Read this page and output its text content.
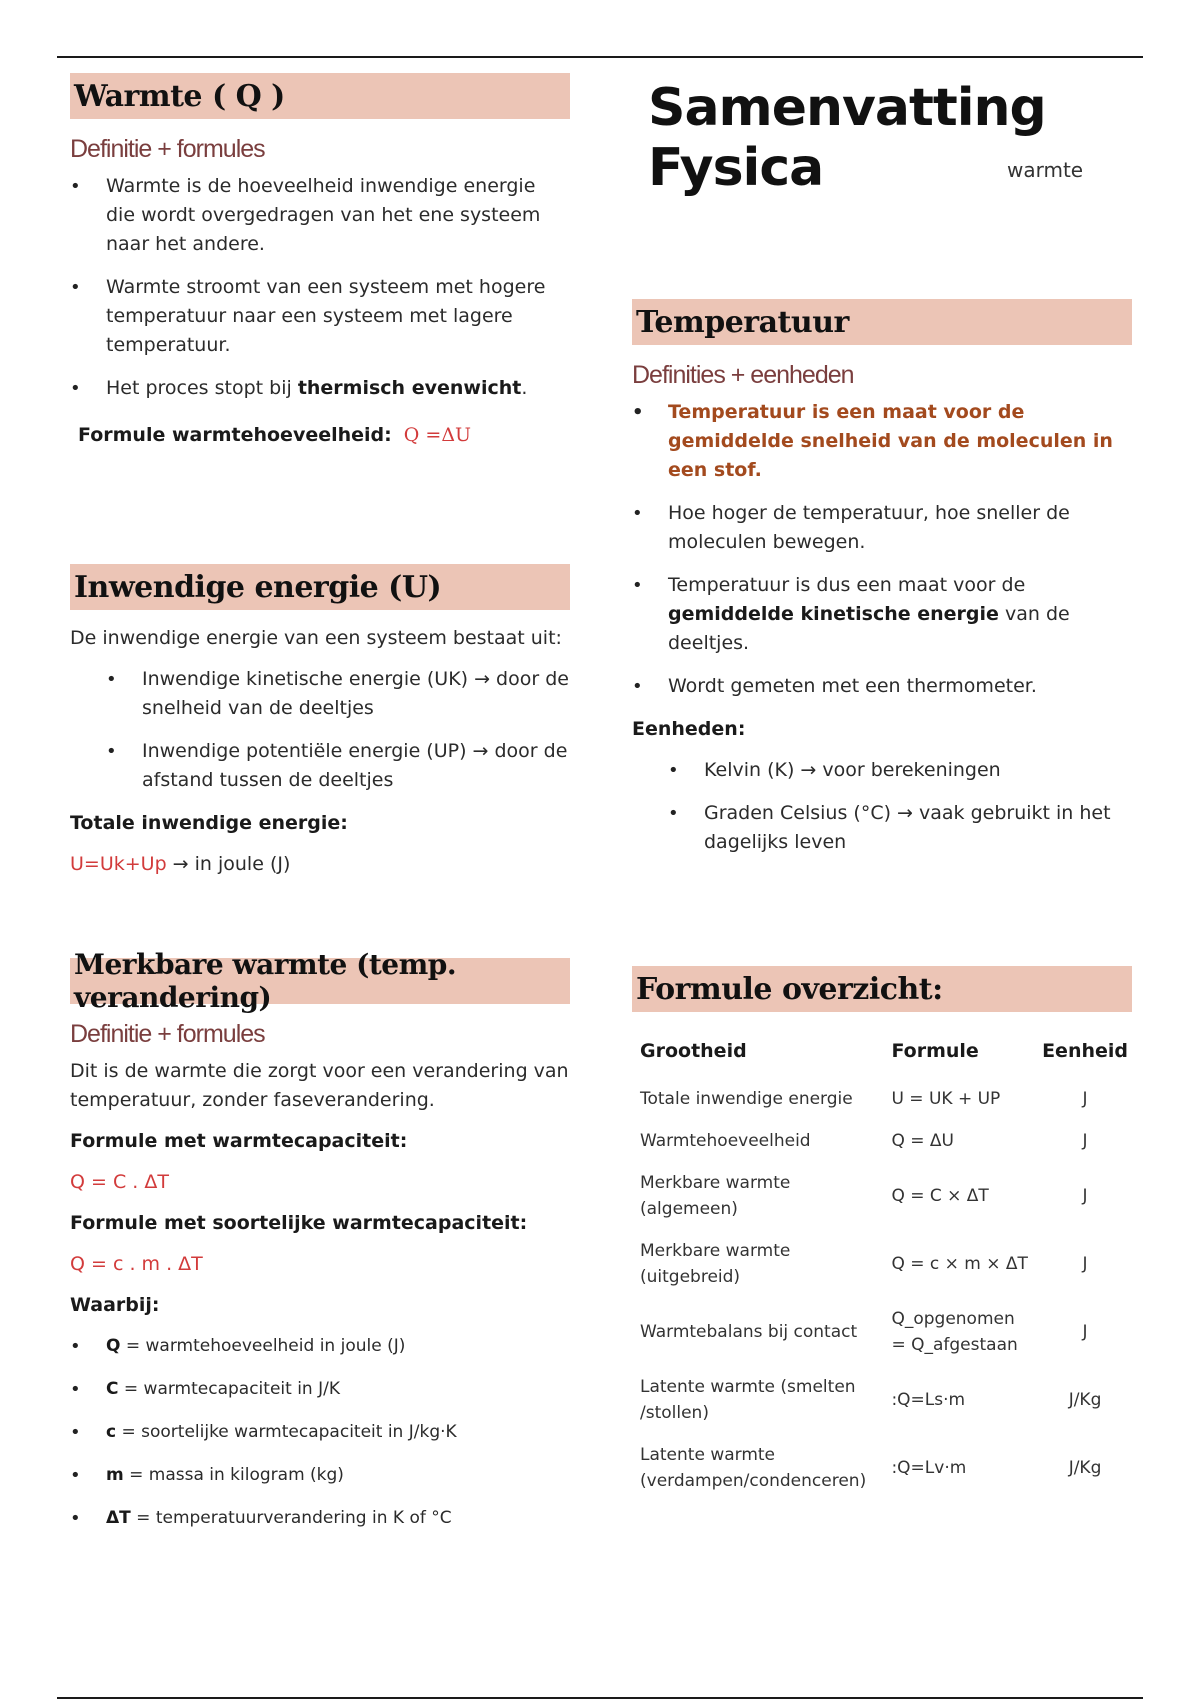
Samenvatting Fysica	warmte
Warmte ( Q )
Definitie + formules
• Warmte is de hoeveelheid inwendige energie die wordt overgedragen van het ene systeem naar het andere.
• Warmte stroomt van een systeem met hogere temperatuur naar een systeem met lagere temperatuur.
• Het proces stopt bij thermisch evenwicht.
Formule warmtehoeveelheid: Q =ΔU
Inwendige energie (U)
De inwendige energie van een systeem bestaat uit:
• Inwendige kinetische energie (UK) → door de snelheid van de deeltjes
• Inwendige potentiële energie (UP) → door de afstand tussen de deeltjes
Totale inwendige energie:
U=Uk+Up → in joule (J)
Merkbare warmte (temp. verandering)
Definitie + formules
Dit is de warmte die zorgt voor een verandering van temperatuur, zonder faseverandering.
Formule met warmtecapaciteit:
Q = C . ΔT
Formule met soortelijke warmtecapaciteit:
Q = c . m . ΔT
Waarbij:
• Q = warmtehoeveelheid in joule (J)
• C = warmtecapaciteit in J/K
• c = soortelijke warmtecapaciteit in J/kg·K
• m = massa in kilogram (kg)
• ΔT = temperatuurverandering in K of °C
Temperatuur
Definities + eenheden
• Temperatuur is een maat voor de gemiddelde snelheid van de moleculen in een stof.
• Hoe hoger de temperatuur, hoe sneller de moleculen bewegen.
• Temperatuur is dus een maat voor de gemiddelde kinetische energie van de deeltjes.
• Wordt gemeten met een thermometer.
Eenheden:
• Kelvin (K) → voor berekeningen
• Graden Celsius (°C) → vaak gebruikt in het dagelijks leven
Formule overzicht:
Grootheid	Formule	Eenheid
Totale inwendige energie	U = UK + UP	J
Warmtehoeveelheid	Q = ΔU	J
Merkbare warmte (algemeen)	Q = C × ΔT	J
Merkbare warmte (uitgebreid)	Q = c × m × ΔT	J
Warmtebalans bij contact	Q_opgenomen = Q_afgestaan	J
Latente warmte (smelten /stollen)	:Q=Ls·m	J/Kg
Latente warmte (verdampen/condenceren)	:Q=Lv·m	J/Kg
